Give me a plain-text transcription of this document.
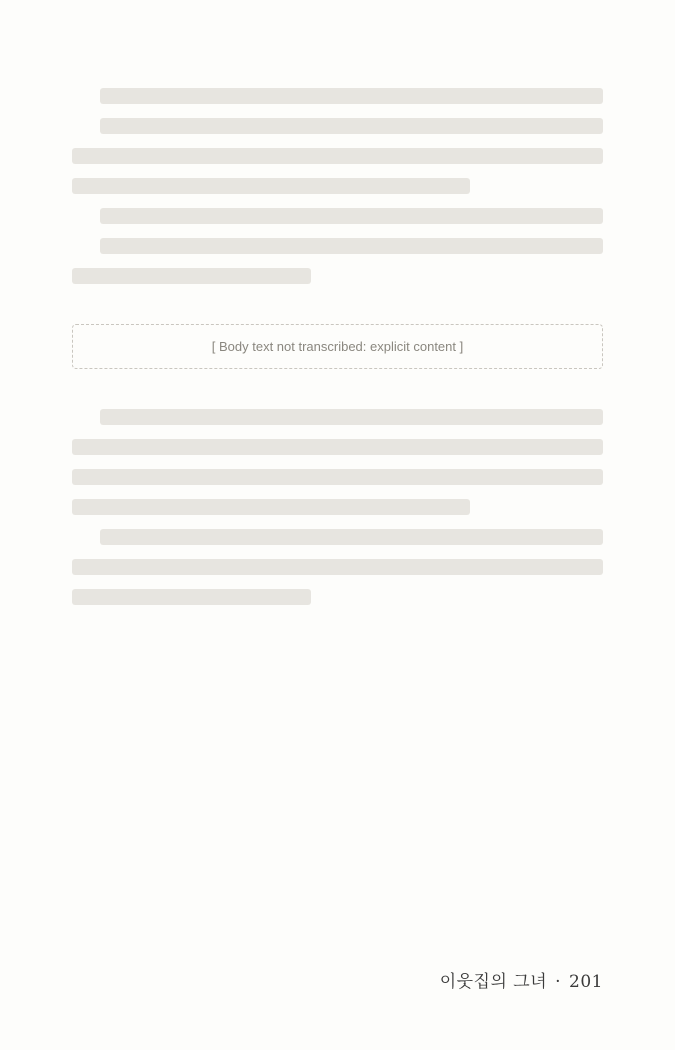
[ Body text not transcribed: explicit content ]
이웃집의 그녀 · 201
